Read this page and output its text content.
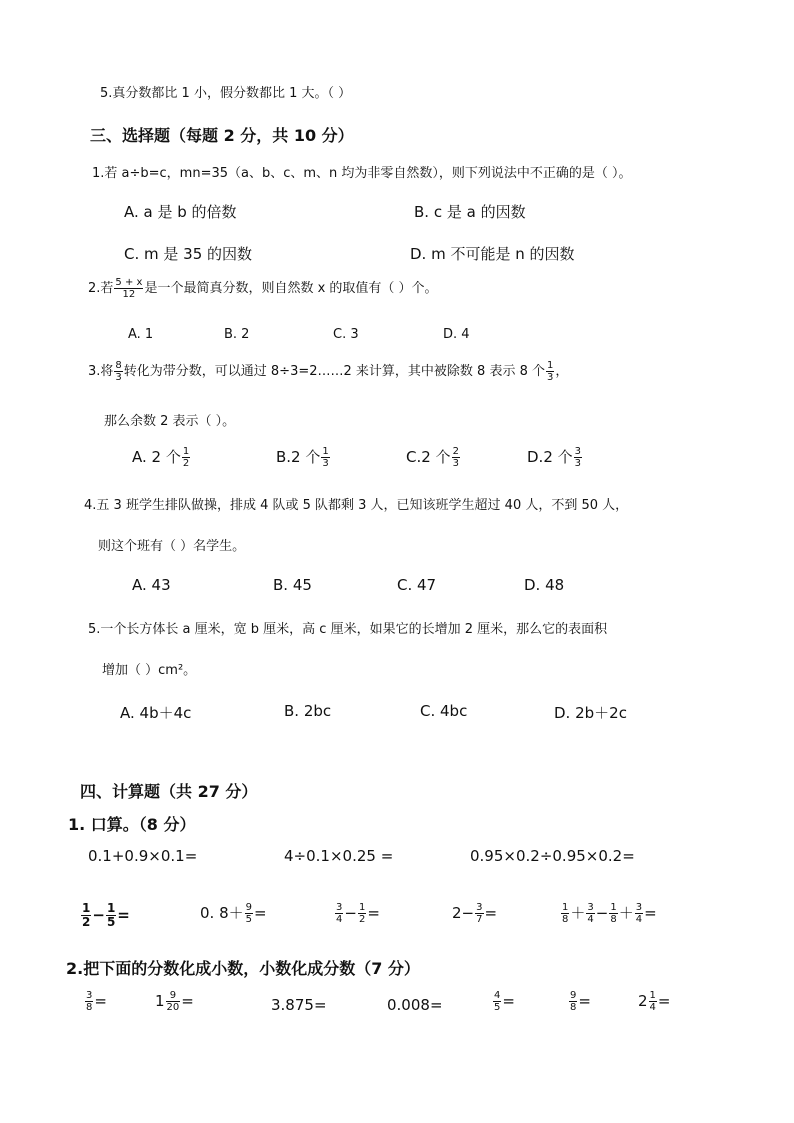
5.真分数都比 1 小，假分数都比 1 大。（ ）
三、选择题（每题 2 分，共 10 分）
1.若 a÷b=c，mn=35（a、b、c、m、n 均为非零自然数），则下列说法中不正确的是（ ）。
A. a 是 b 的倍数	B. c 是 a 的因数
C. m 是 35 的因数	D. m 不可能是 n 的因数
2.若 $\frac{5 + x}{12}$ 是一个最简真分数，则自然数 x 的取值有（ ）个。
A. 1	B. 2	C. 3	D. 4
3.将 $\frac{8}{3}$ 转化为带分数，可以通过 8÷3=2……2 来计算，其中被除数 8 表示 8 个 $\frac{1}{3}$ ，
那么余数 2 表示（ ）。
A. 2 个 $\frac{1}{2}$	B.2 个 $\frac{1}{3}$	C.2 个 $\frac{2}{3}$	D.2 个 $\frac{3}{3}$
4.五 3 班学生排队做操，排成 4 队或 5 队都剩 3 人，已知该班学生超过 40 人，不到 50 人，
则这个班有（ ）名学生。
A. 43	B. 45	C. 47	D. 48
5.一个长方体长 a 厘米，宽 b 厘米，高 c 厘米，如果它的长增加 2 厘米，那么它的表面积
增加（ ）cm²。
A. 4b＋4c	B. 2bc	C. 4bc	D. 2b＋2c
四、计算题（共 27 分）
1. 口算。（8 分）
0.1+0.9×0.1=	4÷0.1×0.25 =	0.95×0.2÷0.95×0.2=
$\frac{1}{2} - \frac{1}{5}$ =	0. $8+ \frac{9}{5}$ =	$\frac{3}{4} - \frac{1}{2}$ =	$2- \frac{3}{7}$ =	$\frac{1}{8} + \frac{3}{4} - \frac{1}{8} + \frac{3}{4}$ =
2.把下面的分数化成小数，小数化成分数（7 分）
$\frac{3}{8}$ =	$1 \frac{9}{20}$ =	3.875=	0.008=	$\frac{4}{5}$ =	$\frac{9}{8}$ =	$2 \frac{1}{4}$ =
